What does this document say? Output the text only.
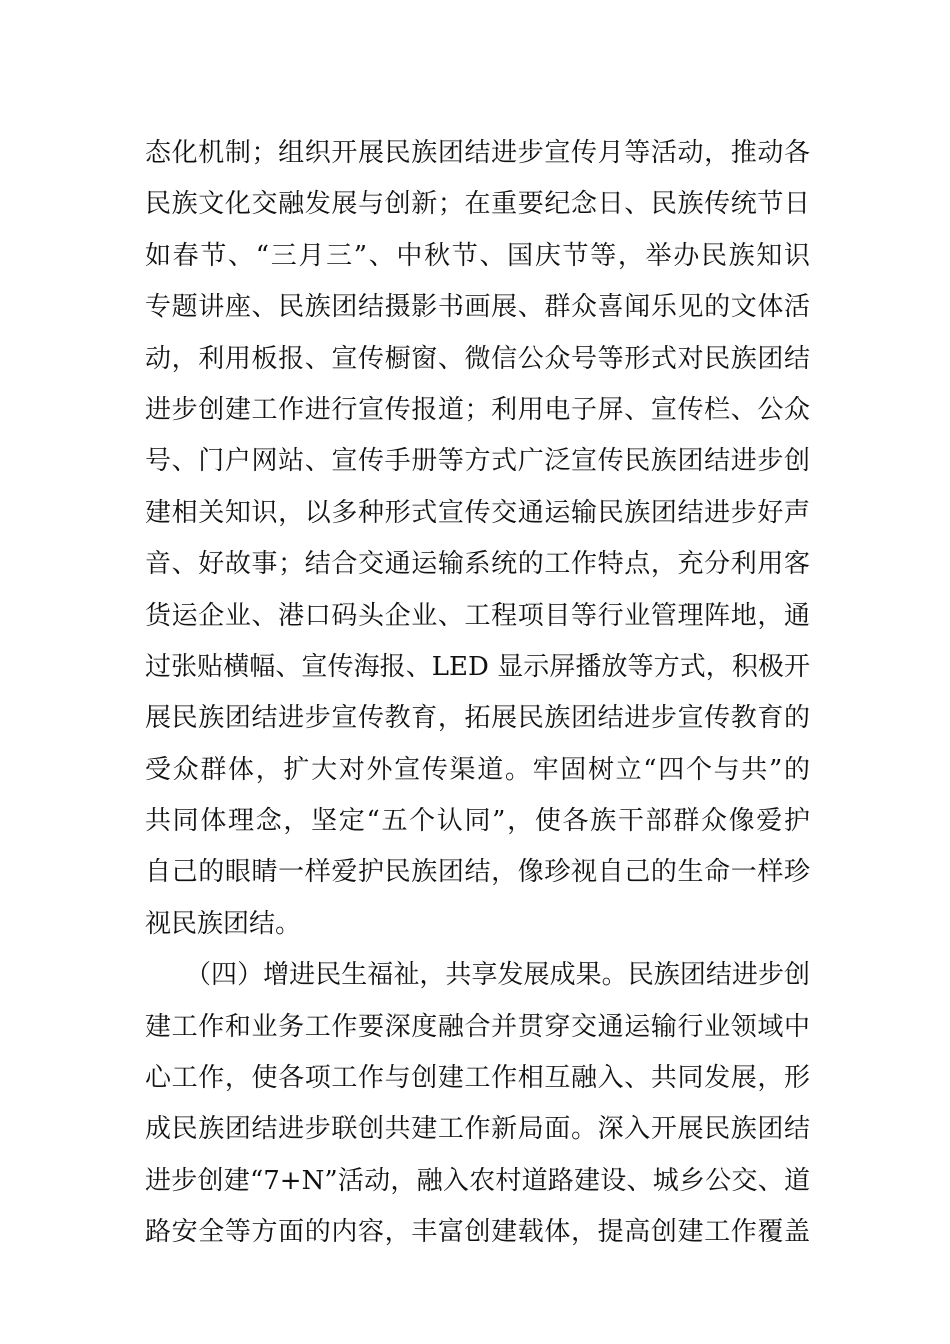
态化机制；组织开展民族团结进步宣传月等活动，推动各
民族文化交融发展与创新；在重要纪念日、民族传统节日
如春节、“三月三”、中秋节、国庆节等，举办民族知识
专题讲座、民族团结摄影书画展、群众喜闻乐见的文体活
动，利用板报、宣传橱窗、微信公众号等形式对民族团结
进步创建工作进行宣传报道；利用电子屏、宣传栏、公众
号、门户网站、宣传手册等方式广泛宣传民族团结进步创
建相关知识，以多种形式宣传交通运输民族团结进步好声
音、好故事；结合交通运输系统的工作特点，充分利用客
货运企业、港口码头企业、工程项目等行业管理阵地，通
过张贴横幅、宣传海报、LED 显示屏播放等方式，积极开
展民族团结进步宣传教育，拓展民族团结进步宣传教育的
受众群体，扩大对外宣传渠道。牢固树立“四个与共”的
共同体理念，坚定“五个认同”，使各族干部群众像爱护
自己的眼睛一样爱护民族团结，像珍视自己的生命一样珍
视民族团结。
（四）增进民生福祉，共享发展成果。民族团结进步创
建工作和业务工作要深度融合并贯穿交通运输行业领域中
心工作，使各项工作与创建工作相互融入、共同发展，形
成民族团结进步联创共建工作新局面。深入开展民族团结
进步创建“7+N”活动，融入农村道路建设、城乡公交、道
路安全等方面的内容，丰富创建载体，提高创建工作覆盖
